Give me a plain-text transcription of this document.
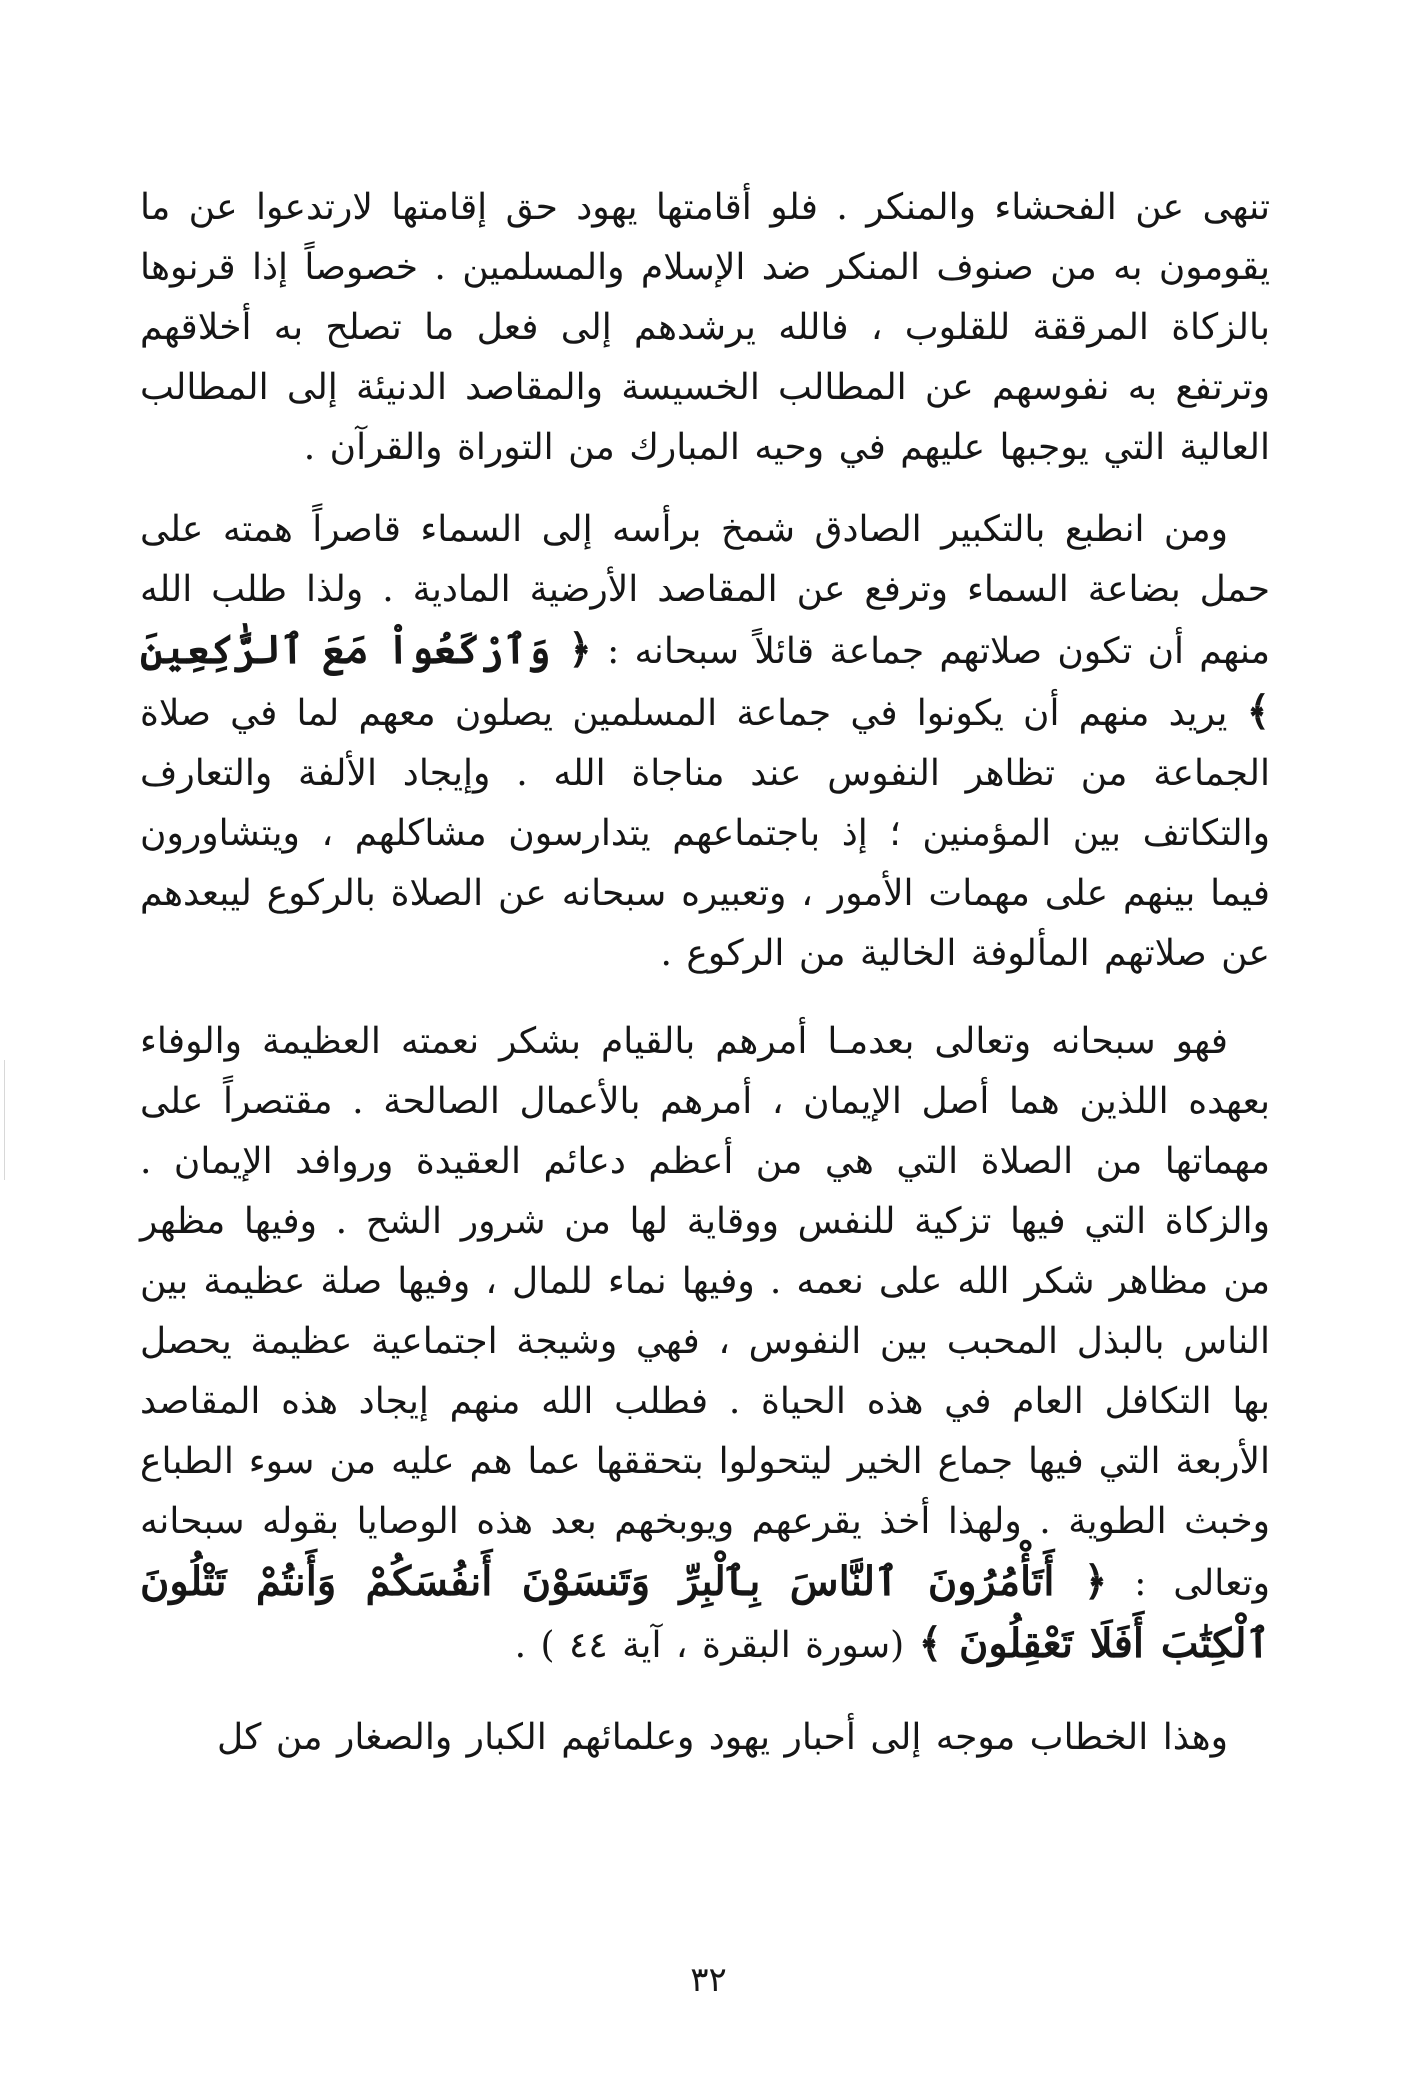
تنهى عن الفحشاء والمنكر . فلو أقامتها يهود حق إقامتها لارتدعوا عن ما يقومون به من صنوف المنكر ضد الإسلام والمسلمين . خصوصاً إذا قرنوها بالزكاة المرققة للقلوب ، فالله يرشدهم إلى فعل ما تصلح به أخلاقهم وترتفع به نفوسهم عن المطالب الخسيسة والمقاصد الدنيئة إلى المطالب العالية التي يوجبها عليهم في وحيه المبارك من التوراة والقرآن .

ومن انطبع بالتكبير الصادق شمخ برأسه إلى السماء قاصراً همته على حمل بضاعة السماء وترفع عن المقاصد الأرضية المادية . ولذا طلب الله منهم أن تكون صلاتهم جماعة قائلاً سبحانه : ﴿ وَٱرْكَعُواْ مَعَ ٱلرَّٰكِعِينَ ﴾ يريد منهم أن يكونوا في جماعة المسلمين يصلون معهم لما في صلاة الجماعة من تظاهر النفوس عند مناجاة الله . وإيجاد الألفة والتعارف والتكاتف بين المؤمنين ؛ إذ باجتماعهم يتدارسون مشاكلهم ، ويتشاورون فيما بينهم على مهمات الأمور ، وتعبيره سبحانه عن الصلاة بالركوع ليبعدهم عن صلاتهم المألوفة الخالية من الركوع .

فهو سبحانه وتعالى بعدمـا أمرهم بالقيام بشكر نعمته العظيمة والوفاء بعهده اللذين هما أصل الإيمان ، أمرهم بالأعمال الصالحة . مقتصراً على مهماتها من الصلاة التي هي من أعظم دعائم العقيدة وروافد الإيمان . والزكاة التي فيها تزكية للنفس ووقاية لها من شرور الشح . وفيها مظهر من مظاهر شكر الله على نعمه . وفيها نماء للمال ، وفيها صلة عظيمة بين الناس بالبذل المحبب بين النفوس ، فهي وشيجة اجتماعية عظيمة يحصل بها التكافل العام في هذه الحياة . فطلب الله منهم إيجاد هذه المقاصد الأربعة التي فيها جماع الخير ليتحولوا بتحققها عما هم عليه من سوء الطباع وخبث الطوية . ولهذا أخذ يقرعهم ويوبخهم بعد هذه الوصايا بقوله سبحانه وتعالى : ﴿ أَتَأْمُرُونَ ٱلنَّاسَ بِٱلْبِرِّ وَتَنسَوْنَ أَنفُسَكُمْ وَأَنتُمْ تَتْلُونَ ٱلْكِتَٰبَ أَفَلَا تَعْقِلُونَ ﴾ (سورة البقرة ، آية ٤٤ ) .

وهذا الخطاب موجه إلى أحبار يهود وعلمائهم الكبار والصغار من كل

٣٢
